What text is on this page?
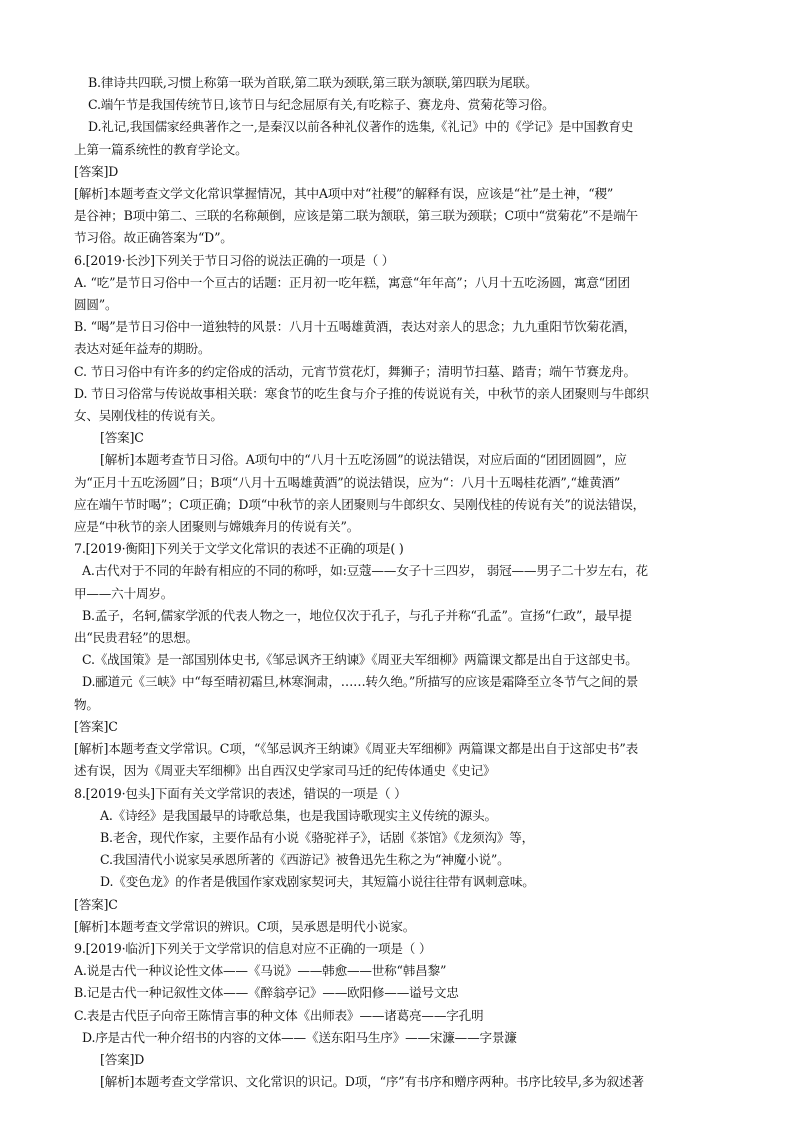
B.律诗共四联,习惯上称第一联为首联,第二联为颈联,第三联为颔联,第四联为尾联。
C.端午节是我国传统节日,该节日与纪念屈原有关,有吃粽子、赛龙舟、赏菊花等习俗。
D.礼记,我国儒家经典著作之一,是秦汉以前各种礼仪著作的选集,《礼记》中的《学记》是中国教育史
上第一篇系统性的教育学论文。
[答案]D
[解析]本题考查文学文化常识掌握情况，其中A项中对“社稷”的解释有误，应该是“社”是土神，“稷”
是谷神；B项中第二、三联的名称颠倒，应该是第二联为颔联，第三联为颈联；C项中“赏菊花”不是端午
节习俗。故正确答案为“D”。
6.[2019·长沙]下列关于节日习俗的说法正确的一项是（ ）
A. “吃”是节日习俗中一个亘古的话题：正月初一吃年糕，寓意“年年高”；八月十五吃汤圆，寓意“团团
圆圆”。
B. “喝”是节日习俗中一道独特的风景：八月十五喝雄黄酒，表达对亲人的思念；九九重阳节饮菊花酒，
表达对延年益寿的期盼。
C. 节日习俗中有许多的约定俗成的活动，元宵节赏花灯，舞狮子；清明节扫墓、踏青；端午节赛龙舟。
D. 节日习俗常与传说故事相关联：寒食节的吃生食与介子推的传说说有关，中秋节的亲人团聚则与牛郎织
女、吴刚伐桂的传说有关。
[答案]C
[解析]本题考查节日习俗。A项句中的“八月十五吃汤圆”的说法错误，对应后面的“团团圆圆”，应
为“正月十五吃汤圆”日；B项“八月十五喝雄黄酒”的说法错误，应为“：八月十五喝桂花酒”,“雄黄酒”
应在端午节时喝”；C项正确；D项“中秋节的亲人团聚则与牛郎织女、吴刚伐桂的传说有关”的说法错误，
应是“中秋节的亲人团聚则与嫦娥奔月的传说有关”。
7.[2019·衡阳]下列关于文学文化常识的表述不正确的项是( )
A.古代对于不同的年龄有相应的不同的称呼，如:豆蔻——女子十三四岁， 弱冠——男子二十岁左右，花
甲——六十周岁。
B.孟子，名轲,儒家学派的代表人物之一，地位仅次于孔子，与孔子并称“孔孟”。宣扬“仁政”，最早提
出“民贵君轻”的思想。
C.《战国策》是一部国别体史书,《邹忌讽齐王纳谏》《周亚夫军细柳》两篇课文都是出自于这部史书。
D.郦道元《三峡》中“每至晴初霜旦,林寒涧肃，……转久绝。”所描写的应该是霜降至立冬节气之间的景
物。
[答案]C
[解析]本题考查文学常识。C项，“《邹忌讽齐王纳谏》《周亚夫军细柳》两篇课文都是出自于这部史书”表
述有误，因为《周亚夫军细柳》出自西汉史学家司马迁的纪传体通史《史记》
8.[2019·包头]下面有关文学常识的表述，错误的一项是（ ）
A.《诗经》是我国最早的诗歌总集，也是我国诗歌现实主义传统的源头。
B.老舍，现代作家，主要作品有小说《骆驼祥子》，话剧《茶馆》《龙须沟》等，
C.我国清代小说家吴承恩所著的《西游记》被鲁迅先生称之为“神魔小说”。
D.《变色龙》的作者是俄国作家戏剧家契诃夫，其短篇小说往往带有讽刺意味。
[答案]C
[解析]本题考查文学常识的辨识。C项，吴承恩是明代小说家。
9.[2019·临沂]下列关于文学常识的信息对应不正确的一项是（ ）
A.说是古代一种议论性文体——《马说》——韩愈——世称“韩昌黎”
B.记是古代一种记叙性文体——《醉翁亭记》——欧阳修——谥号文忠
C.表是古代臣子向帝王陈情言事的种文体《出师表》——诸葛亮——字孔明
D.序是古代一种介绍书的内容的文体——《送东阳马生序》——宋濂——字景濂
[答案]D
[解析]本题考查文学常识、文化常识的识记。D项，“序”有书序和赠序两种。书序比较早,多为叙述著
